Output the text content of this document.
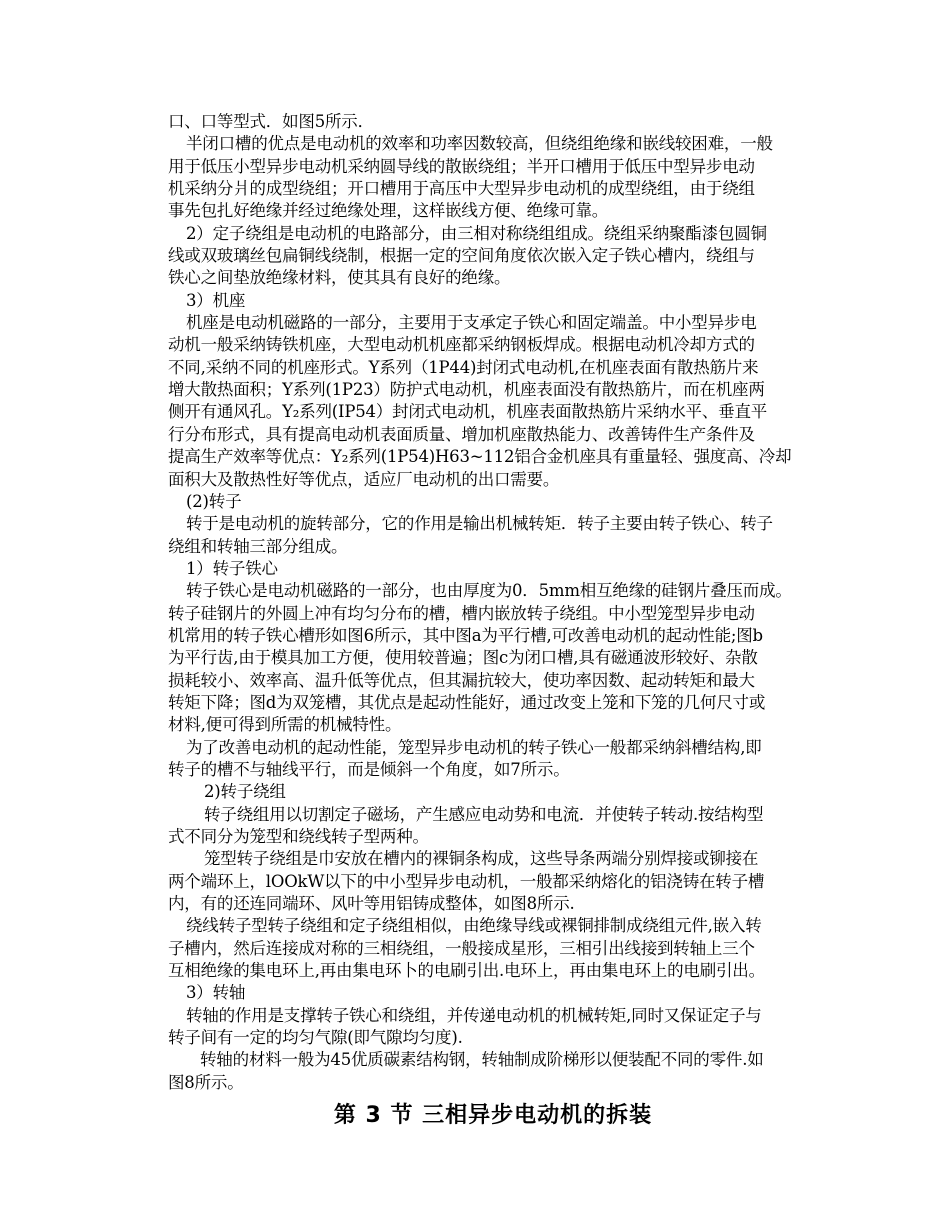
口、口等型式．如图5所示．
半闭口槽的优点是电动机的效率和功率因数较高，但绕组绝缘和嵌线较困难，一般
用于低压小型异步电动机采纳圆导线的散嵌绕组；半开口槽用于低压中型异步电动
机采纳分爿的成型绕组；开口槽用于高压中大型异步电动机的成型绕组，由于绕组
事先包扎好绝缘并经过绝缘处理，这样嵌线方便、绝缘可靠。
2）定子绕组是电动机的电路部分，由三相对称绕组组成。绕组采纳聚酯漆包圆铜
线或双玻璃丝包扁铜线绕制，根据一定的空间角度依次嵌入定子铁心槽内，绕组与
铁心之间垫放绝缘材料，使其具有良好的绝缘。
3）机座
机座是电动机磁路的一部分，主要用于支承定子铁心和固定端盖。中小型异步电
动机一般采纳铸铁机座，大型电动机机座都采纳钢板焊成。根据电动机冷却方式的
不同,采纳不同的机座形式。Y系列（1P44)封闭式电动机,在机座表面有散热筋片来
增大散热面积；Y系列(1P23）防护式电动机，机座表面没有散热筋片，而在机座两
侧开有通风孔。Y₂系列(IP54）封闭式电动机，机座表面散热筋片采纳水平、垂直平
行分布形式，具有提高电动机表面质量、增加机座散热能力、改善铸件生产条件及
提高生产效率等优点：Y₂系列(1P54)H63~112铝合金机座具有重量轻、强度高、冷却
面积大及散热性好等优点，适应厂电动机的出口需要。
(2)转子
转于是电动机的旋转部分，它的作用是输出机械转矩．转子主要由转子铁心、转子
绕组和转轴三部分组成。
1）转子铁心
转子铁心是电动机磁路的一部分，也由厚度为0．5mm相互绝缘的硅钢片叠压而成。
转子硅钢片的外圆上冲有均匀分布的槽，槽内嵌放转子绕组。中小型笼型异步电动
机常用的转子铁心槽形如图6所示，其中图a为平行槽,可改善电动机的起动性能;图b
为平行齿,由于模具加工方便，使用较普遍；图c为闭口槽,具有磁通波形较好、杂散
损耗较小、效率高、温升低等优点，但其漏抗较大，使功率因数、起动转矩和最大
转矩下降；图d为双笼槽，其优点是起动性能好，通过改变上笼和下笼的几何尺寸或
材料,便可得到所需的机械特性。
为了改善电动机的起动性能，笼型异步电动机的转子铁心一般都采纳斜槽结构,即
转子的槽不与轴线平行，而是倾斜一个角度，如7所示。
2)转子绕组
转子绕组用以切割定子磁场，产生感应电动势和电流．并使转子转动.按结构型
式不同分为笼型和绕线转子型两种。
笼型转子绕组是巾安放在槽内的裸铜条构成，这些导条两端分别焊接或铆接在
两个端环上，lOOkW以下的中小型异步电动机，一般都采纳熔化的铝浇铸在转子槽
内，有的还连同端环、风叶等用铝铸成整体，如图8所示.
绕线转子型转子绕组和定子绕组相似，由绝缘导线或裸铜排制成绕组元件,嵌入转
子槽内，然后连接成对称的三相绕组，一般接成星形，三相引出线接到转轴上三个
互相绝缘的集电环上,再由集电环卜的电刷引出.电环上，再由集电环上的电刷引出。
3）转轴
转轴的作用是支撑转子铁心和绕组，并传递电动机的机械转矩,同时又保证定子与
转子间有一定的均匀气隙(即气隙均匀度).
转轴的材料一般为45优质碳素结构钢，转轴制成阶梯形以便装配不同的零件.如
图8所示。
第 3 节 三相异步电动机的拆装
